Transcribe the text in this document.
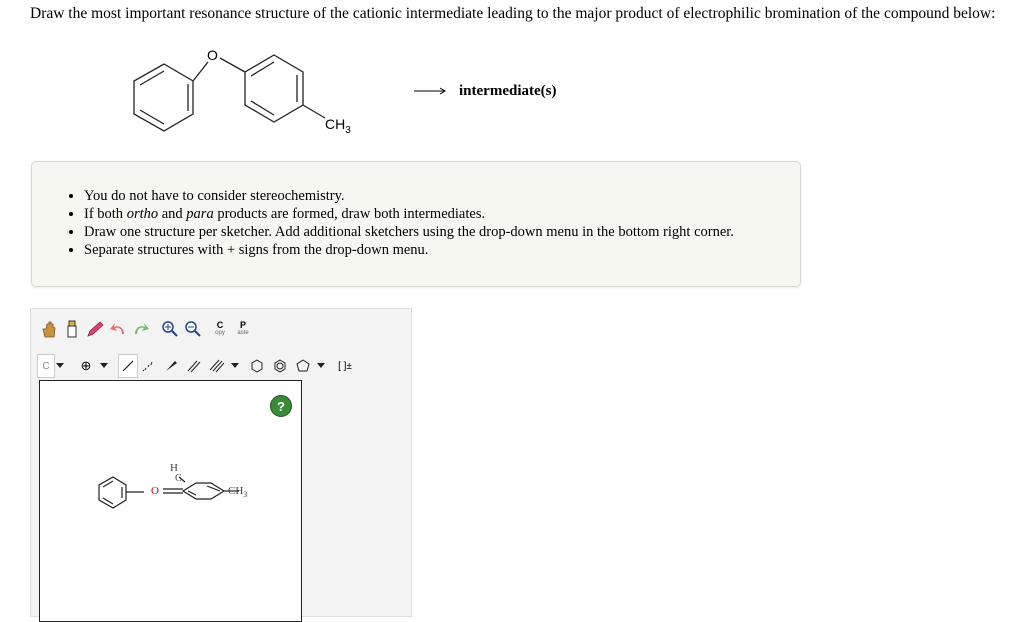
Draw the most important resonance structure of the cationic intermediate leading to the major product of electrophilic bromination of the compound below:
O
$CH_3$
→ intermediate(s)
• You do not have to consider stereochemistry.
• If both ortho and para products are formed, draw both intermediates.
• Draw one structure per sketcher. Add additional sketchers using the drop-down menu in the bottom right corner.
• Separate structures with + signs from the drop-down menu.
C
opy
P
aste
C ⊕	[ ]±
?
H
C
O	$CH_3$
